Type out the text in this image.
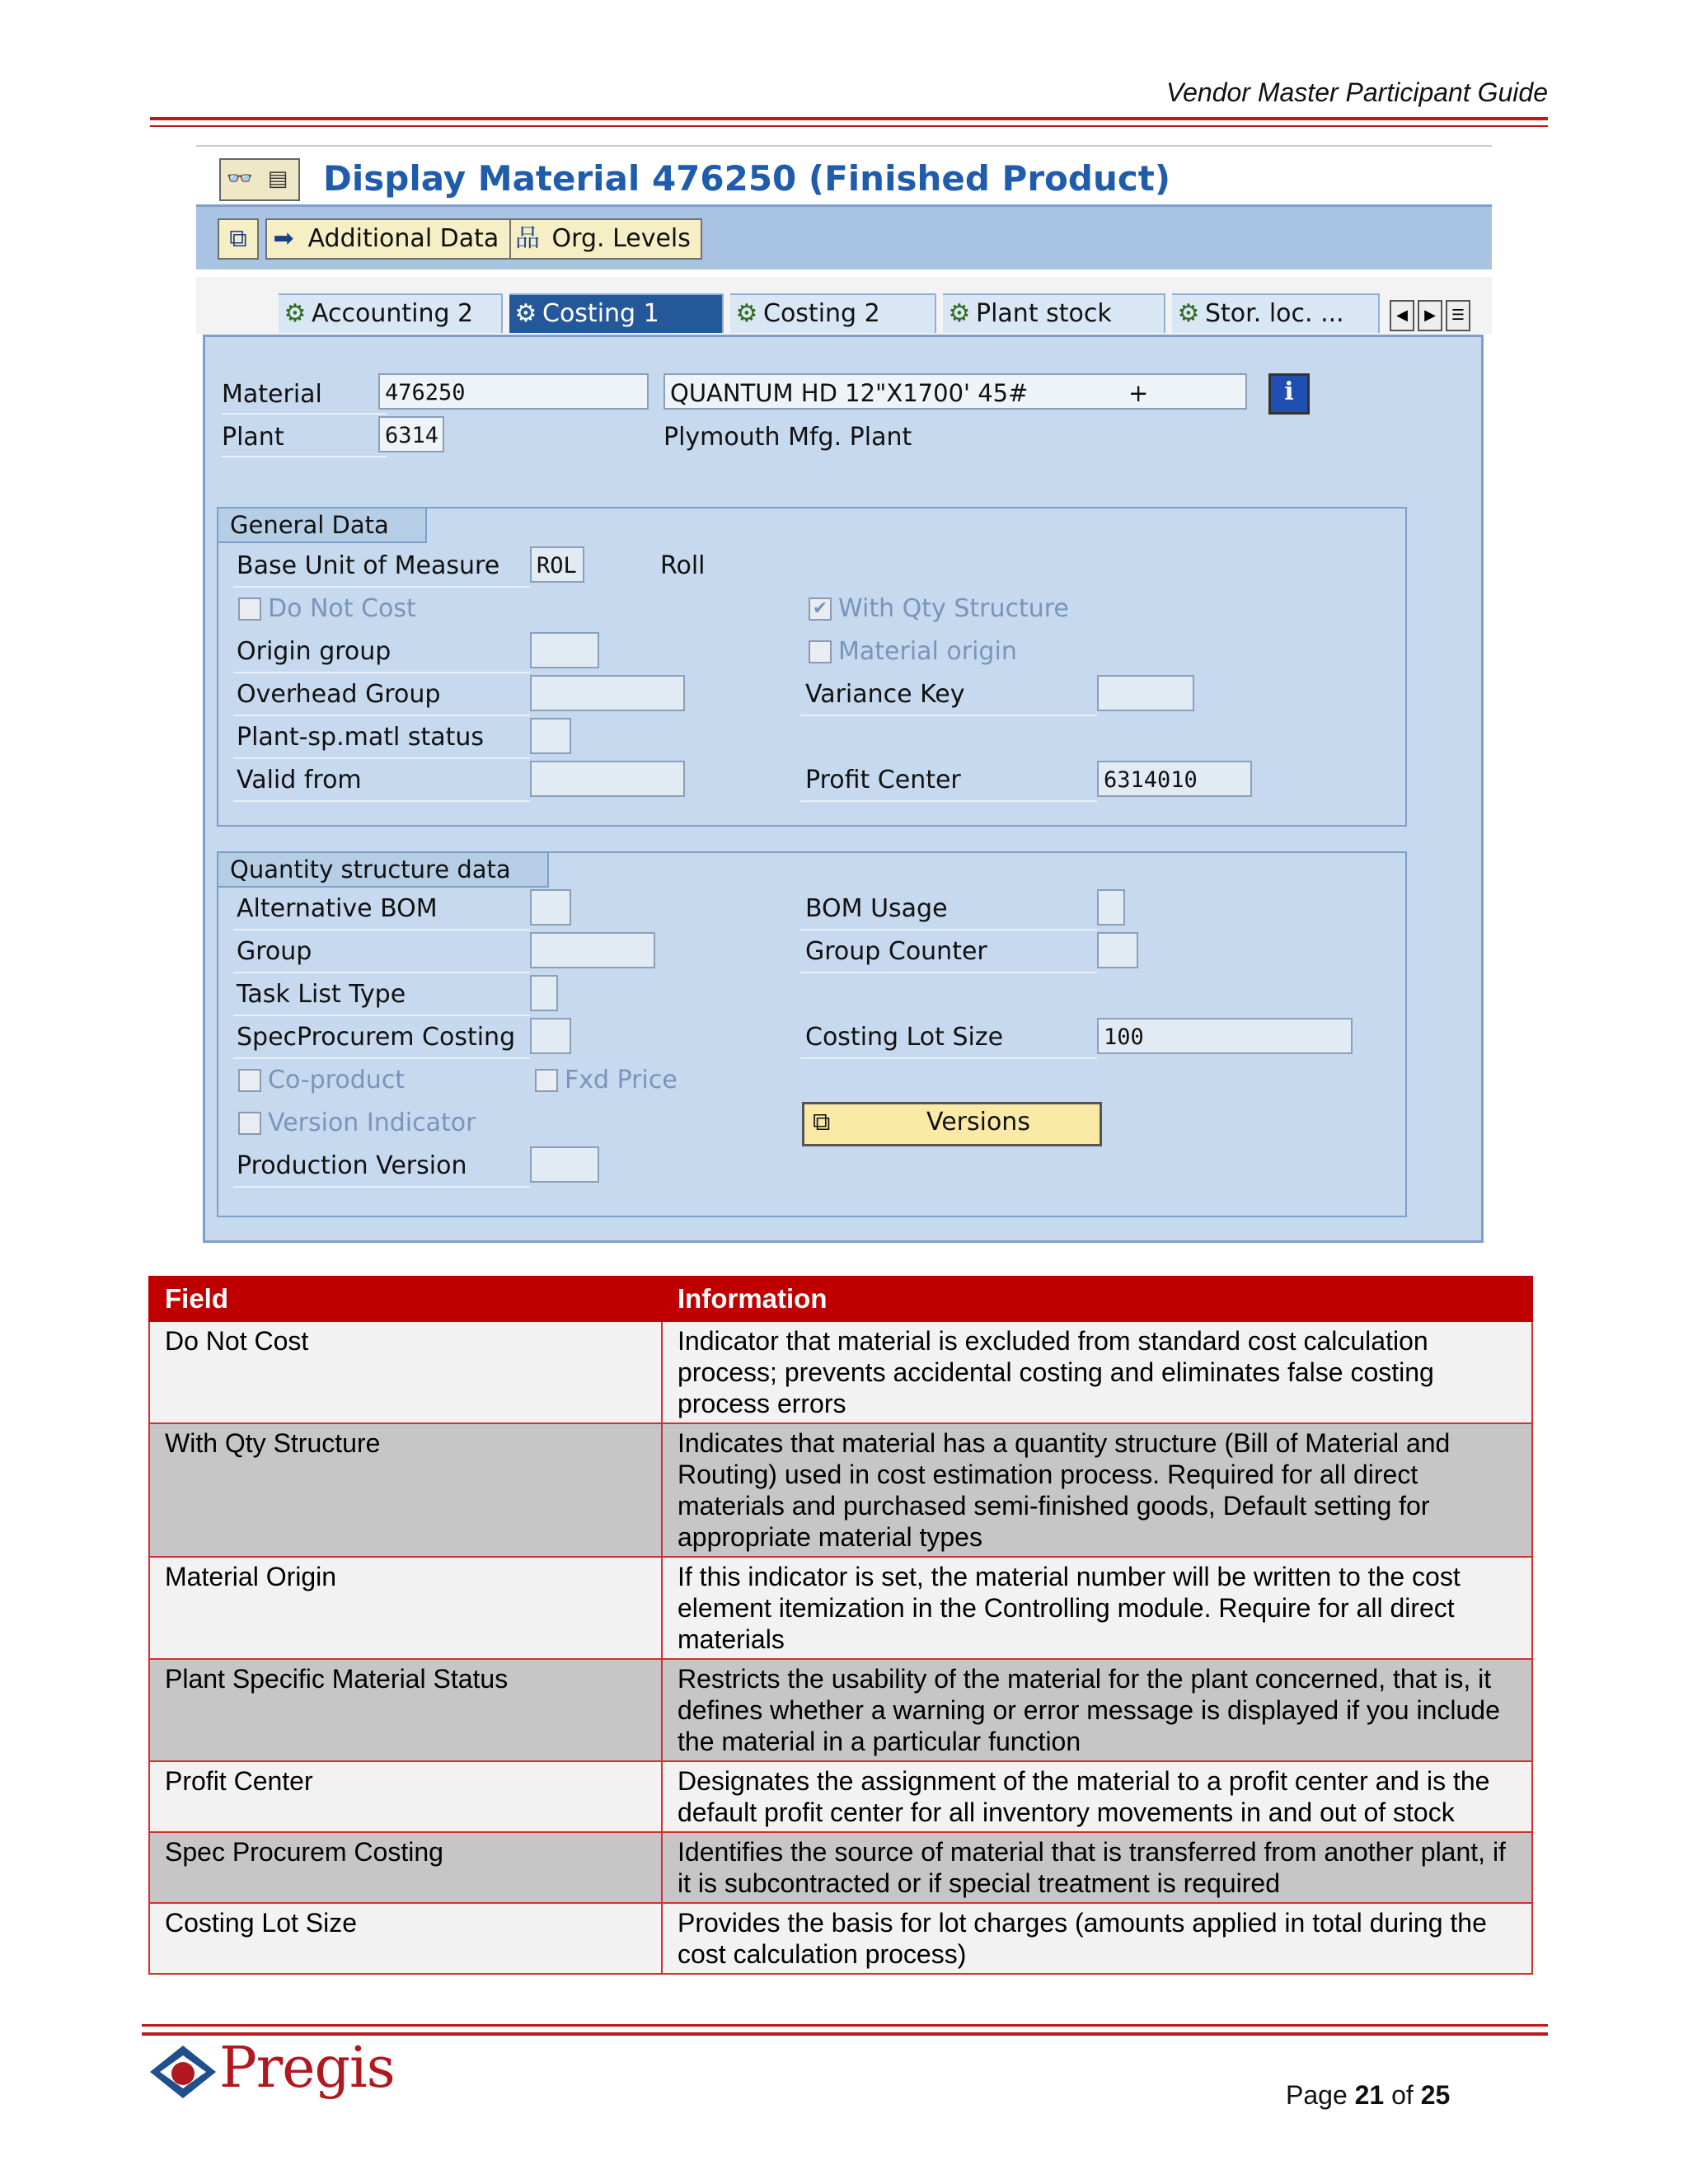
Vendor Master Participant Guide
👓 ▤ Display Material 476250 (Finished Product)
⧉	➡ Additional Data 品 Org. Levels
⚙ Accounting 2	⚙ Costing 1	⚙ Costing 2	⚙ Plant stock	⚙ Stor. loc. ...	◀	▶	☰
Material	476250	QUANTUM HD 12"X1700' 45#	+	i
Plant	6314	Plymouth Mfg. Plant
General Data
Base Unit of Measure ROL	Roll
Do Not Cost	✔ With Qty Structure
Origin group	Material origin
Overhead Group	Variance Key
Plant-sp.matl status
Valid from	Profit Center	6314010
Quantity structure data
Alternative BOM	BOM Usage
Group	Group Counter
Task List Type
SpecProcurem Costing	Costing Lot Size	100
Co-product	Fxd Price
Version Indicator	⧉	Versions
Production Version
Field	Information
Do Not Cost	Indicator that material is excluded from standard cost calculation process; prevents accidental costing and eliminates false costing process errors
With Qty Structure	Indicates that material has a quantity structure (Bill of Material and Routing) used in cost estimation process. Required for all direct materials and purchased semi-finished goods, Default setting for appropriate material types
Material Origin	If this indicator is set, the material number will be written to the cost element itemization in the Controlling module. Require for all direct materials
Plant Specific Material Status	Restricts the usability of the material for the plant concerned, that is, it defines whether a warning or error message is displayed if you include the material in a particular function
Profit Center	Designates the assignment of the material to a profit center and is the default profit center for all inventory movements in and out of stock
Spec Procurem Costing	Identifies the source of material that is transferred from another plant, if it is subcontracted or if special treatment is required
Costing Lot Size	Provides the basis for lot charges (amounts applied in total during the cost calculation process)
Pregis	Page 21 of 25
